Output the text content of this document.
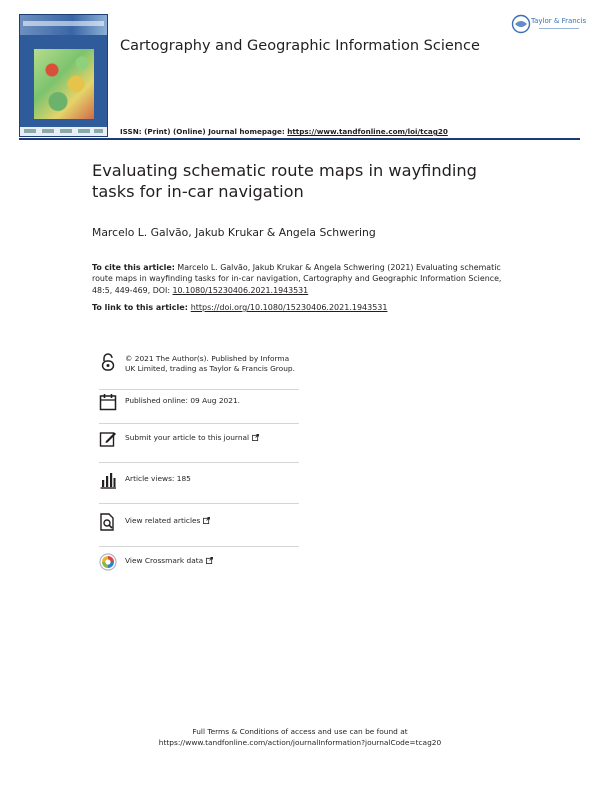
Cartography and Geographic Information Science
Taylor & Francis
ISSN: (Print) (Online) Journal homepage: https://www.tandfonline.com/loi/tcag20
Evaluating schematic route maps in wayfinding tasks for in-car navigation
Marcelo L. Galvão, Jakub Krukar & Angela Schwering
To cite this article: Marcelo L. Galvão, Jakub Krukar & Angela Schwering (2021) Evaluating schematic route maps in wayfinding tasks for in-car navigation, Cartography and Geographic Information Science, 48:5, 449-469, DOI: 10.1080/15230406.2021.1943531
To link to this article: https://doi.org/10.1080/15230406.2021.1943531
© 2021 The Author(s). Published by Informa UK Limited, trading as Taylor & Francis Group.
Published online: 09 Aug 2021.
Submit your article to this journal
Article views: 185
View related articles
View Crossmark data
Full Terms & Conditions of access and use can be found at
https://www.tandfonline.com/action/journalInformation?journalCode=tcag20
